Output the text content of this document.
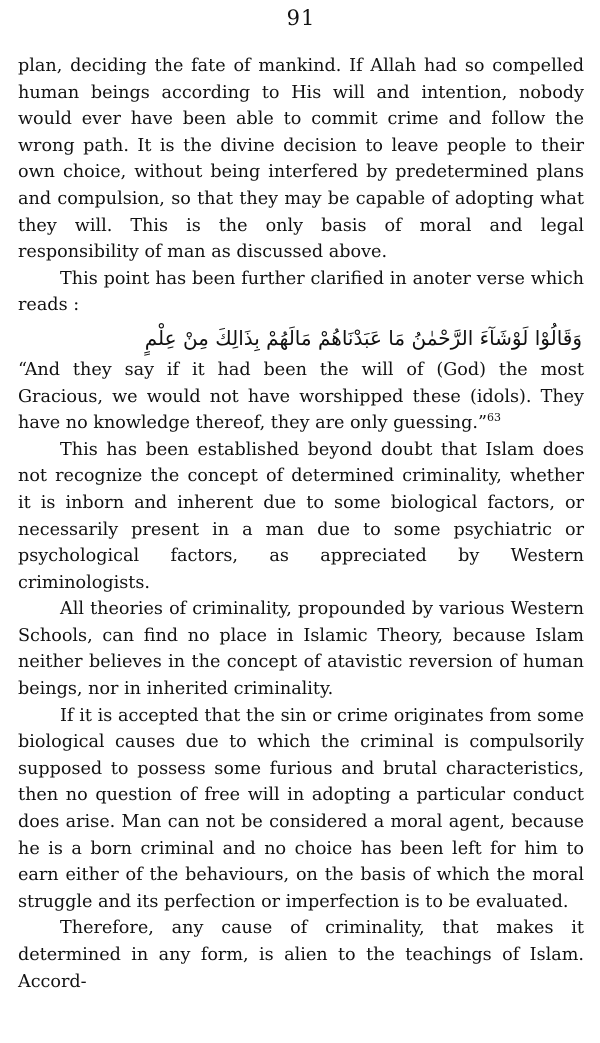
91

plan, deciding the fate of mankind. If Allah had so compelled human beings according to His will and intention, nobody would ever have been able to commit crime and follow the wrong path. It is the divine decision to leave people to their own choice, without being interfered by predetermined plans and compulsion, so that they may be capable of adopting what they will. This is the only basis of moral and legal responsibility of man as discussed above.

This point has been further clarified in anoter verse which reads :

وَقَالُوْا لَوْشَآءَ الرَّحْمٰنُ مَا عَبَدْنَاهُمْ مَالَهُمْ بِذَالِكَ مِنْ عِلْمٍ

“And they say if it had been the will of (God) the most Gracious, we would not have worshipped these (idols). They have no knowledge thereof, they are only guessing.”$^{63}$

This has been established beyond doubt that Islam does not recognize the concept of determined criminality, whether it is inborn and inherent due to some biological factors, or necessarily present in a man due to some psychiatric or psychological factors, as appreciated by Western criminologists.

All theories of criminality, propounded by various Western Schools, can find no place in Islamic Theory, because Islam neither believes in the concept of atavistic reversion of human beings, nor in inherited criminality.

If it is accepted that the sin or crime originates from some biological causes due to which the criminal is compulsorily supposed to possess some furious and brutal characteristics, then no question of free will in adopting a particular conduct does arise. Man can not be considered a moral agent, because he is a born criminal and no choice has been left for him to earn either of the behaviours, on the basis of which the moral struggle and its perfection or imperfection is to be evaluated.

Therefore, any cause of criminality, that makes it determined in any form, is alien to the teachings of Islam. Accord-
